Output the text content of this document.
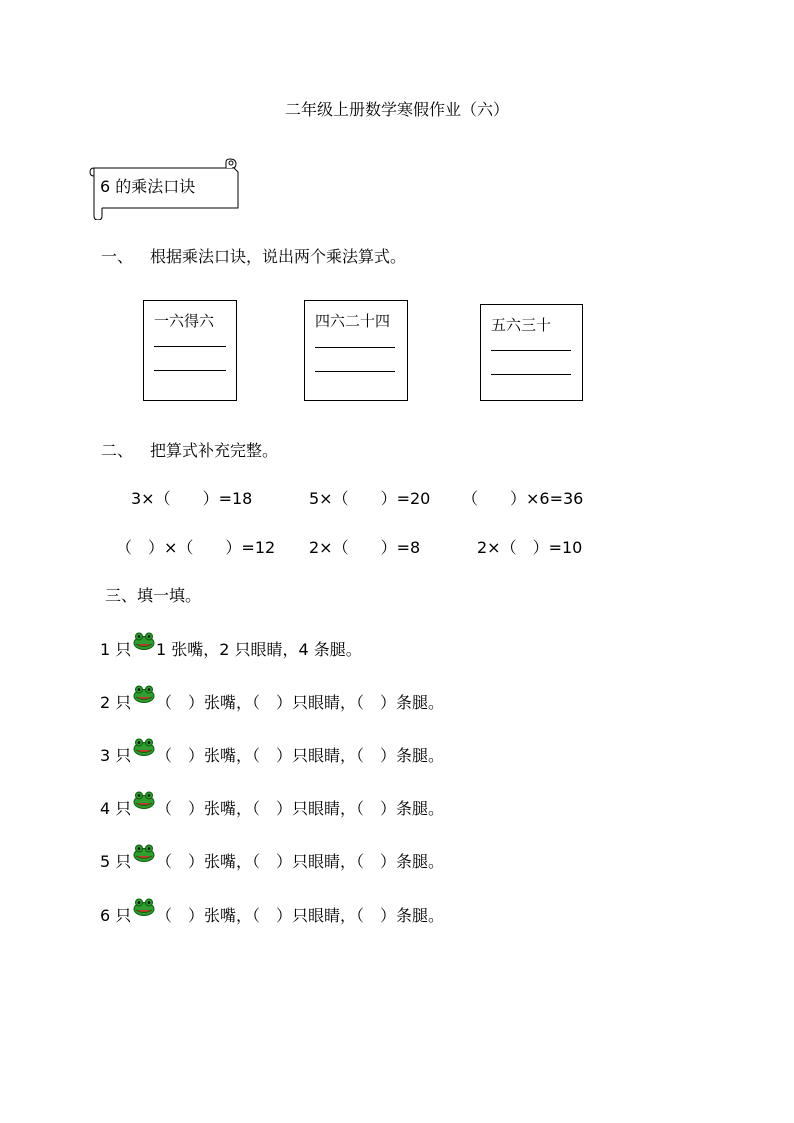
二年级上册数学寒假作业（六）
6 的乘法口诀
一、 根据乘法口诀，说出两个乘法算式。
一六得六	四六二十四	五六三十
二、 把算式补充完整。
3×（　　）=18	5×（　　）=20 （　　）×6=36
（　）×（　　）=12 2×（　　）=8	2×（　）=10
三、填一填。
1 只 1 张嘴，2 只眼睛，4 条腿。
2 只 （　）张嘴，（　）只眼睛，（　）条腿。
3 只 （　）张嘴，（　）只眼睛，（　）条腿。
4 只 （　）张嘴，（　）只眼睛，（　）条腿。
5 只 （　）张嘴，（　）只眼睛，（　）条腿。
6 只 （　）张嘴，（　）只眼睛，（　）条腿。
